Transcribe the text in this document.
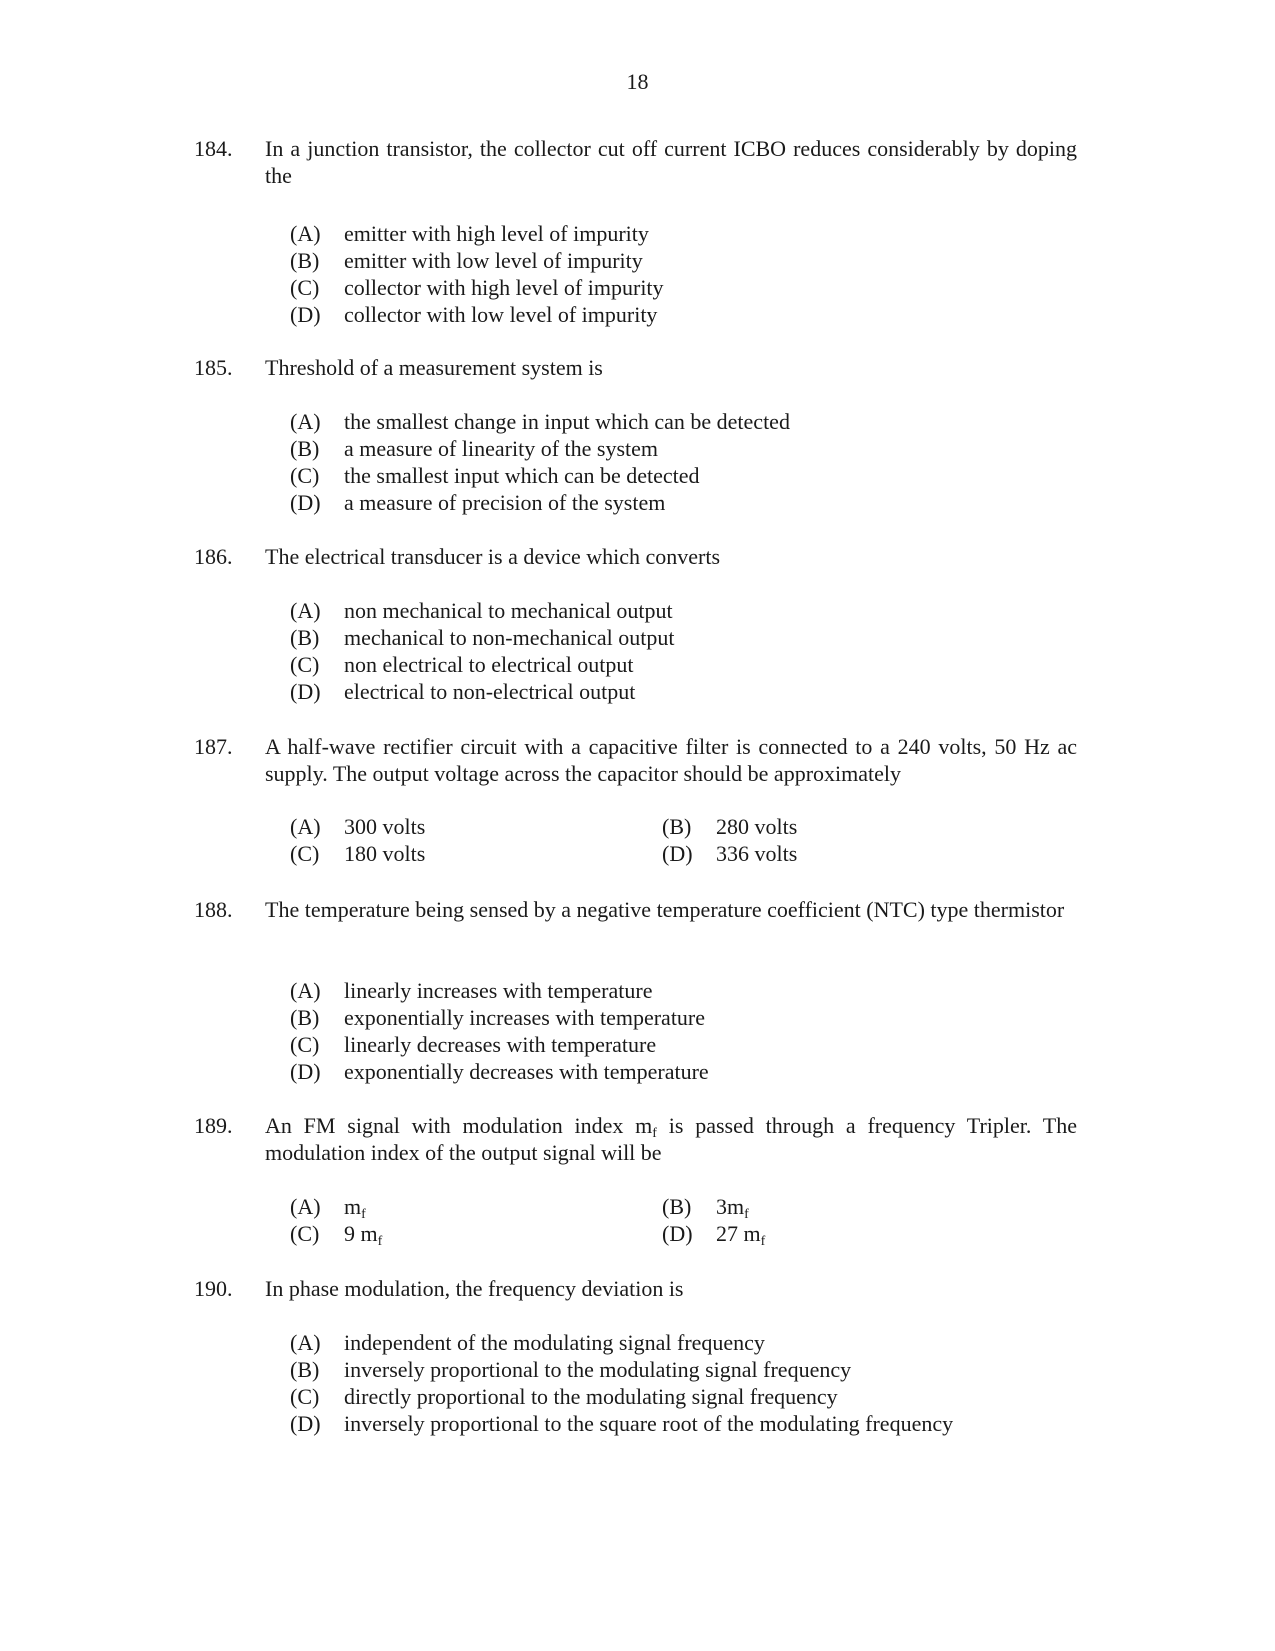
18
184. In a junction transistor, the collector cut off current ICBO reduces considerably by doping the
(A) emitter with high level of impurity
(B) emitter with low level of impurity
(C) collector with high level of impurity
(D) collector with low level of impurity
185. Threshold of a measurement system is
(A) the smallest change in input which can be detected
(B) a measure of linearity of the system
(C) the smallest input which can be detected
(D) a measure of precision of the system
186. The electrical transducer is a device which converts
(A) non mechanical to mechanical output
(B) mechanical to non-mechanical output
(C) non electrical to electrical output
(D) electrical to non-electrical output
187. A half-wave rectifier circuit with a capacitive filter is connected to a 240 volts, 50 Hz ac supply. The output voltage across the capacitor should be approximately
(A) 300 volts	(B) 280 volts
(C) 180 volts	(D) 336 volts
188. The temperature being sensed by a negative temperature coefficient (NTC) type thermistor
(A) linearly increases with temperature
(B) exponentially increases with temperature
(C) linearly decreases with temperature
(D) exponentially decreases with temperature
189. An FM signal with modulation index $m_f$ is passed through a frequency Tripler. The modulation index of the output signal will be
(A) $m_f$	(B) $3m_f$
(C) 9 $m_f$	(D) 27 $m_f$
190. In phase modulation, the frequency deviation is
(A) independent of the modulating signal frequency
(B) inversely proportional to the modulating signal frequency
(C) directly proportional to the modulating signal frequency
(D) inversely proportional to the square root of the modulating frequency
